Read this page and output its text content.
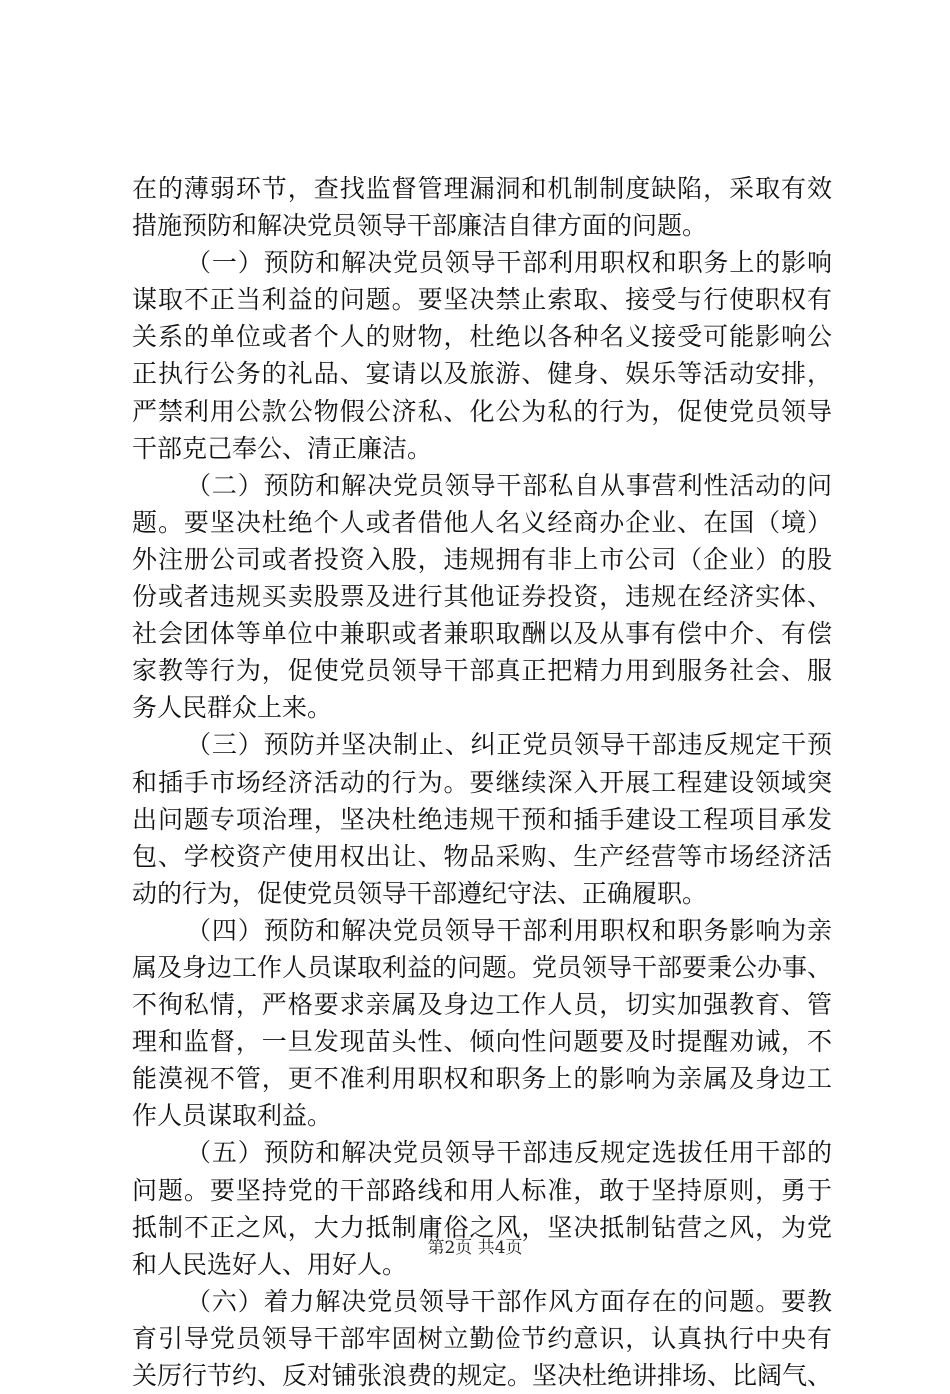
在的薄弱环节，查找监督管理漏洞和机制制度缺陷，采取有效
措施预防和解决党员领导干部廉洁自律方面的问题。
（一）预防和解决党员领导干部利用职权和职务上的影响
谋取不正当利益的问题。要坚决禁止索取、接受与行使职权有
关系的单位或者个人的财物，杜绝以各种名义接受可能影响公
正执行公务的礼品、宴请以及旅游、健身、娱乐等活动安排，
严禁利用公款公物假公济私、化公为私的行为，促使党员领导
干部克己奉公、清正廉洁。
（二）预防和解决党员领导干部私自从事营利性活动的问
题。要坚决杜绝个人或者借他人名义经商办企业、在国（境）
外注册公司或者投资入股，违规拥有非上市公司（企业）的股
份或者违规买卖股票及进行其他证券投资，违规在经济实体、
社会团体等单位中兼职或者兼职取酬以及从事有偿中介、有偿
家教等行为，促使党员领导干部真正把精力用到服务社会、服
务人民群众上来。
（三）预防并坚决制止、纠正党员领导干部违反规定干预
和插手市场经济活动的行为。要继续深入开展工程建设领域突
出问题专项治理，坚决杜绝违规干预和插手建设工程项目承发
包、学校资产使用权出让、物品采购、生产经营等市场经济活
动的行为，促使党员领导干部遵纪守法、正确履职。
（四）预防和解决党员领导干部利用职权和职务影响为亲
属及身边工作人员谋取利益的问题。党员领导干部要秉公办事、
不徇私情，严格要求亲属及身边工作人员，切实加强教育、管
理和监督，一旦发现苗头性、倾向性问题要及时提醒劝诫，不
能漠视不管，更不准利用职权和职务上的影响为亲属及身边工
作人员谋取利益。
（五）预防和解决党员领导干部违反规定选拔任用干部的
问题。要坚持党的干部路线和用人标准，敢于坚持原则，勇于
抵制不正之风，大力抵制庸俗之风，坚决抵制钻营之风，为党
和人民选好人、用好人。
（六）着力解决党员领导干部作风方面存在的问题。要教
育引导党员领导干部牢固树立勤俭节约意识，认真执行中央有
关厉行节约、反对铺张浪费的规定。坚决杜绝讲排场、比阔气、
第2页 共4页
